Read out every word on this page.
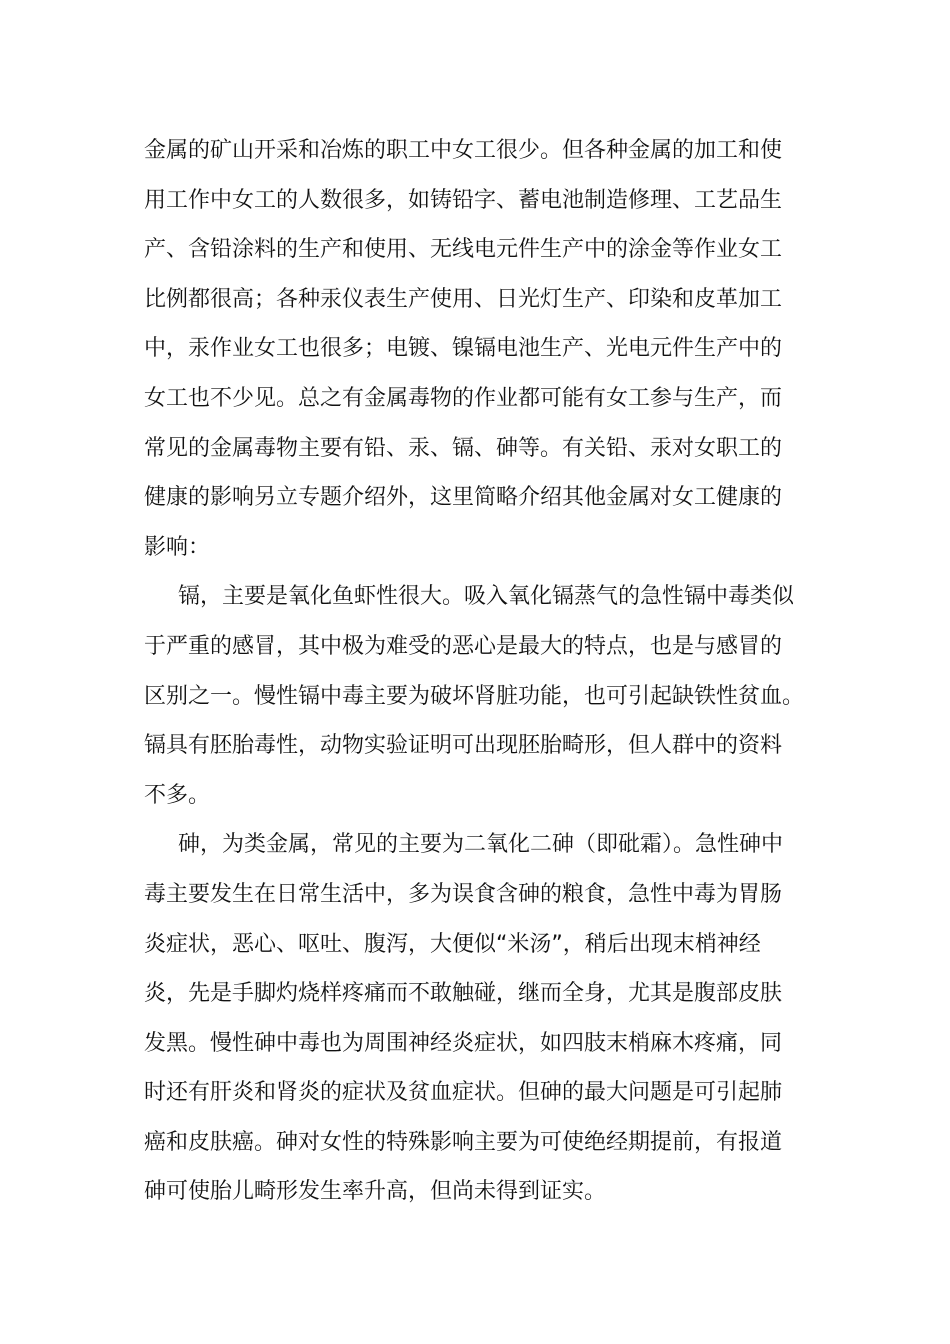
金属的矿山开采和冶炼的职工中女工很少。但各种金属的加工和使

用工作中女工的人数很多，如铸铅字、蓄电池制造修理、工艺品生

产、含铅涂料的生产和使用、无线电元件生产中的涂金等作业女工

比例都很高；各种汞仪表生产使用、日光灯生产、印染和皮革加工

中，汞作业女工也很多；电镀、镍镉电池生产、光电元件生产中的

女工也不少见。总之有金属毒物的作业都可能有女工参与生产，而

常见的金属毒物主要有铅、汞、镉、砷等。有关铅、汞对女职工的

健康的影响另立专题介绍外，这里简略介绍其他金属对女工健康的

影响：

镉，主要是氧化鱼虾性很大。吸入氧化镉蒸气的急性镉中毒类似

于严重的感冒，其中极为难受的恶心是最大的特点，也是与感冒的

区别之一。慢性镉中毒主要为破坏肾脏功能，也可引起缺铁性贫血。

镉具有胚胎毒性，动物实验证明可出现胚胎畸形，但人群中的资料

不多。

砷，为类金属，常见的主要为二氧化二砷（即砒霜）。急性砷中

毒主要发生在日常生活中，多为误食含砷的粮食，急性中毒为胃肠

炎症状，恶心、呕吐、腹泻，大便似“米汤”，稍后出现末梢神经

炎，先是手脚灼烧样疼痛而不敢触碰，继而全身，尤其是腹部皮肤

发黑。慢性砷中毒也为周围神经炎症状，如四肢末梢麻木疼痛，同

时还有肝炎和肾炎的症状及贫血症状。但砷的最大问题是可引起肺

癌和皮肤癌。砷对女性的特殊影响主要为可使绝经期提前，有报道

砷可使胎儿畸形发生率升高，但尚未得到证实。
